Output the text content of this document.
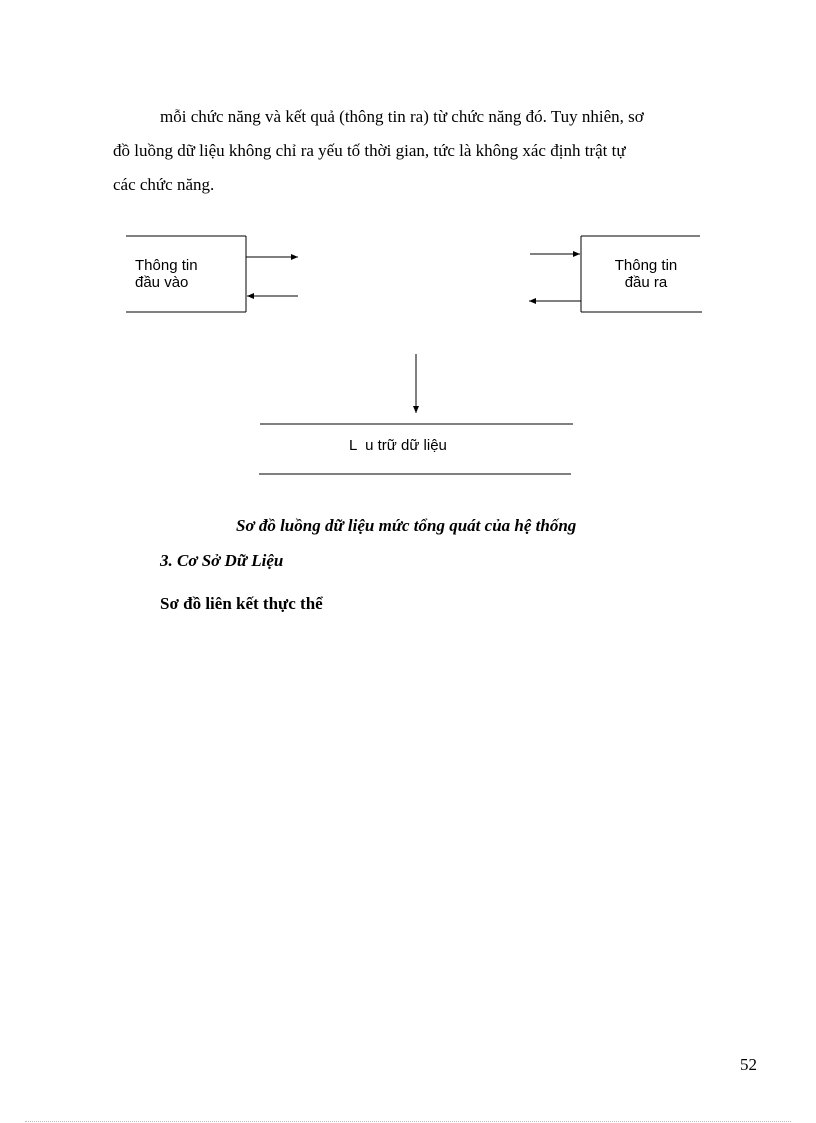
mỗi chức năng và kết quả (thông tin ra) từ chức năng đó. Tuy nhiên, sơ
đồ luồng dữ liệu không chỉ ra yếu tố thời gian, tức là không xác định trật tự
các chức năng.
Thông tin
đầu vào
Thông tin
đầu ra
L  u trữ dữ liệu
Sơ đồ luồng dữ liệu mức tổng quát của hệ thống
3. Cơ Sở Dữ Liệu
Sơ đồ liên kết thực thể
52
